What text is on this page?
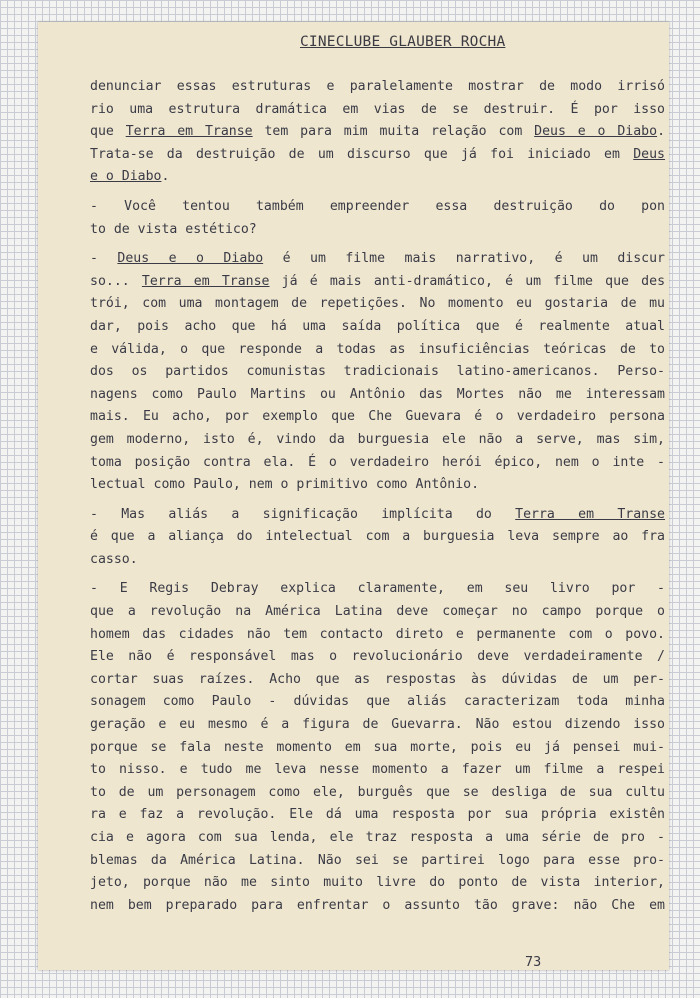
CINECLUBE GLAUBER ROCHA
denunciar essas estruturas e paralelamente mostrar de modo irrisó
rio uma estrutura dramática em vias de se destruir. É por isso
que Terra em Transe tem para mim muita relação com Deus e o Diabo.
Trata-se da destruição de um discurso que já foi iniciado em Deus
e o Diabo.
- Você tentou também empreender essa destruição do pon
to de vista estético?
- Deus e o Diabo é um filme mais narrativo, é um discur
so... Terra em Transe já é mais anti-dramático, é um filme que des
trói, com uma montagem de repetições. No momento eu gostaria de mu
dar, pois acho que há uma saída política que é realmente atual
e válida, o que responde a todas as insuficiências teóricas de to
dos os partidos comunistas tradicionais latino-americanos. Perso-
nagens como Paulo Martins ou Antônio das Mortes não me interessam
mais. Eu acho, por exemplo que Che Guevara é o verdadeiro persona
gem moderno, isto é, vindo da burguesia ele não a serve, mas sim,
toma posição contra ela. É o verdadeiro herói épico, nem o inte -
lectual como Paulo, nem o primitivo como Antônio.
- Mas aliás a significação implícita do Terra em Transe
é que a aliança do intelectual com a burguesia leva sempre ao fra
casso.
- E Regis Debray explica claramente, em seu livro por -
que a revolução na América Latina deve começar no campo porque o
homem das cidades não tem contacto direto e permanente com o povo.
Ele não é responsável mas o revolucionário deve verdadeiramente /
cortar suas raízes. Acho que as respostas às dúvidas de um per-
sonagem como Paulo - dúvidas que aliás caracterizam toda minha
geração e eu mesmo é a figura de Guevarra. Não estou dizendo isso
porque se fala neste momento em sua morte, pois eu já pensei mui-
to nisso. e tudo me leva nesse momento a fazer um filme a respei
to de um personagem como ele, burguês que se desliga de sua cultu
ra e faz a revolução. Ele dá uma resposta por sua própria existên
cia e agora com sua lenda, ele traz resposta a uma série de pro -
blemas da América Latina. Não sei se partirei logo para esse pro-
jeto, porque não me sinto muito livre do ponto de vista interior,
nem bem preparado para enfrentar o assunto tão grave: não Che em
73
